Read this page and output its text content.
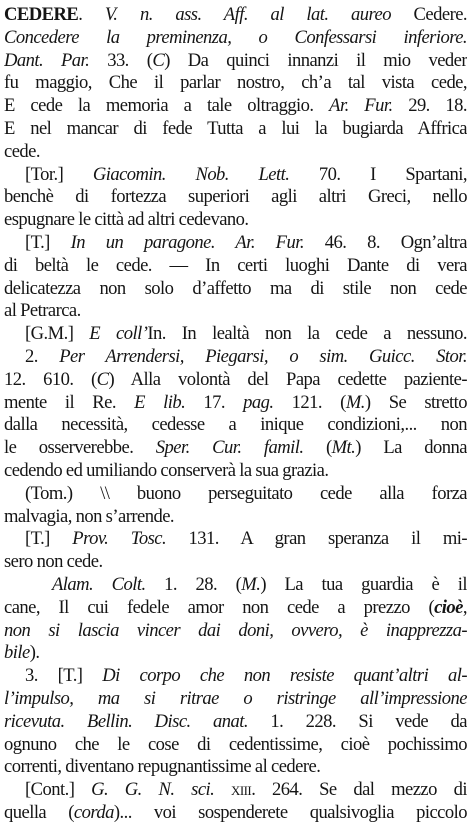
CEDERE. V. n. ass. Aff. al lat. aureo Cedere.
Concedere la preminenza, o Confessarsi inferiore.
Dant. Par. 33. (C) Da quinci innanzi il mio veder
fu maggio, Che il parlar nostro, ch’a tal vista cede,
E cede la memoria a tale oltraggio. Ar. Fur. 29. 18.
E nel mancar di fede Tutta a lui la bugiarda Affrica
cede.
[Tor.] Giacomin. Nob. Lett. 70. I Spartani,
benchè di fortezza superiori agli altri Greci, nello
espugnare le città ad altri cedevano.
[T.] In un paragone. Ar. Fur. 46. 8. Ogn’altra
di beltà le cede. — In certi luoghi Dante di vera
delicatezza non solo d’affetto ma di stile non cede
al Petrarca.
[G.M.] E coll’In. In lealtà non la cede a nessuno.
2. Per Arrendersi, Piegarsi, o sim. Guicc. Stor.
12. 610. (C) Alla volontà del Papa cedette paziente-
mente il Re. E lib. 17. pag. 121. (M.) Se stretto
dalla necessità, cedesse a inique condizioni,... non
le osserverebbe. Sper. Cur. famil. (Mt.) La donna
cedendo ed umiliando conserverà la sua grazia.
(Tom.) \\ buono perseguitato cede alla forza
malvagia, non s’arrende.
[T.] Prov. Tosc. 131. A gran speranza il mi-
sero non cede.
Alam. Colt. 1. 28. (M.) La tua guardia è il
cane, Il cui fedele amor non cede a prezzo (cioè,
non si lascia vincer dai doni, ovvero, è inapprezza-
bile).
3. [T.] Di corpo che non resiste quant’altri al-
l’impulso, ma si ritrae o ristringe all’impressione
ricevuta. Bellin. Disc. anat. 1. 228. Si vede da
ognuno che le cose di cedentissime, cioè pochissimo
correnti, diventano repugnantissime al cedere.
[Cont.] G. G. N. sci. xiii. 264. Se dal mezzo di
quella (corda)... voi sospenderete qualsivoglia piccolo
